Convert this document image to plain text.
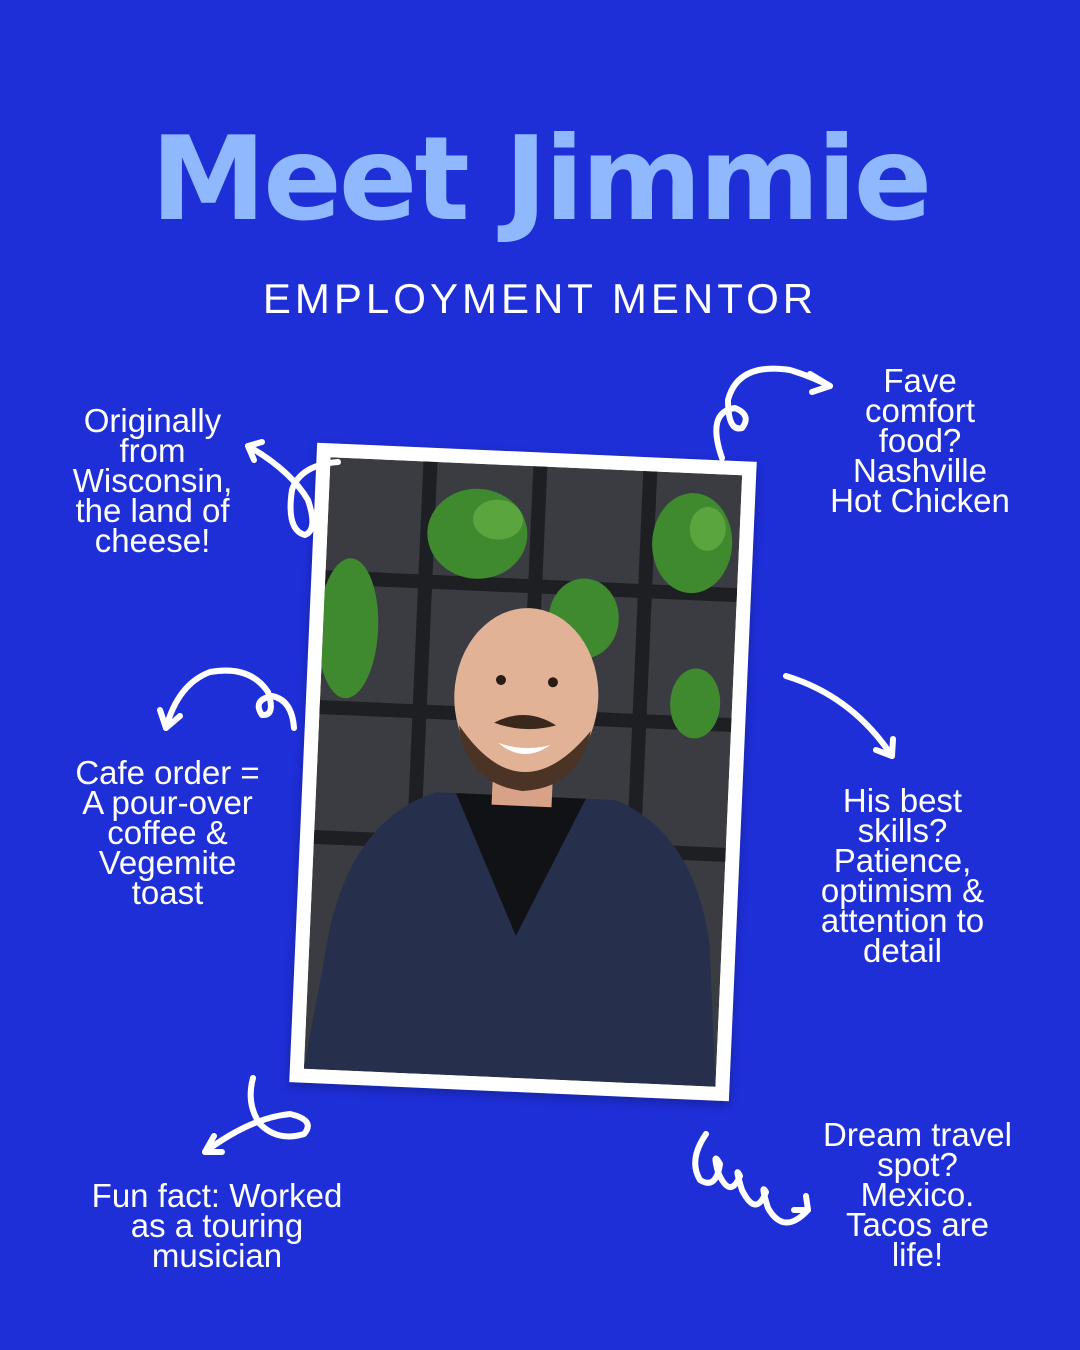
Meet Jimmie
EMPLOYMENT MENTOR
Originally
from
Wisconsin,
the land of
cheese!
Fave
comfort
food?
Nashville
Hot Chicken
Cafe order =
A pour-over
coffee &
Vegemite
toast
His best
skills?
Patience,
optimism &
attention to
detail
Fun fact: Worked
as a touring
musician
Dream travel
spot?
Mexico.
Tacos are
life!
